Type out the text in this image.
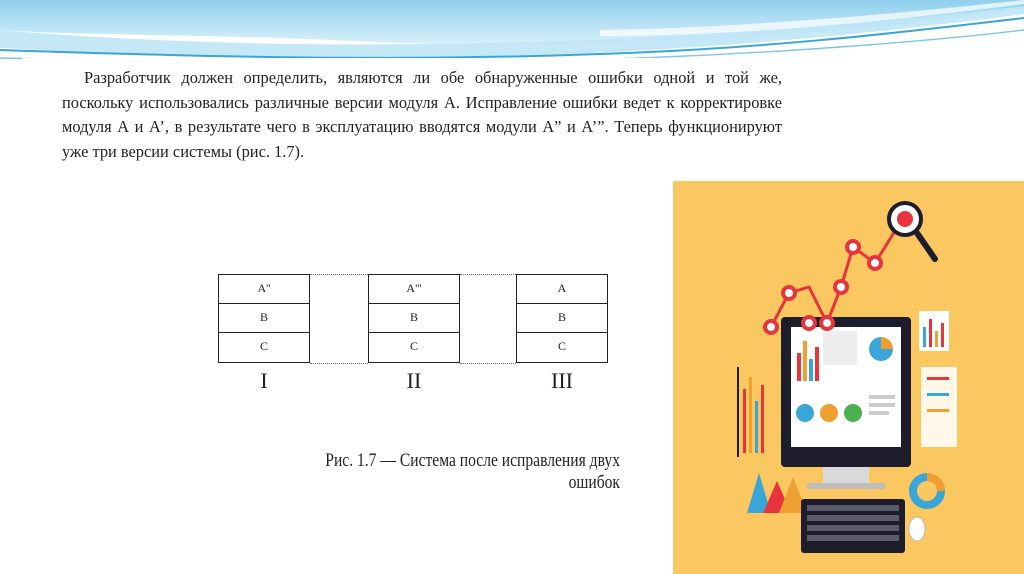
Разработчик должен определить, являются ли обе обнаруженные ошибки одной и той же, поскольку использовались различные версии модуля А. Исправление ошибки ведет к корректировке модуля А и А’, в результате чего в эксплуатацию вводятся модули А” и А’”. Теперь функционируют уже три версии системы (рис. 1.7).

А''
В
С
I
А'''
В
С
II
А
В
С
III
Рис. 1.7 — Система после исправления двух ошибок
